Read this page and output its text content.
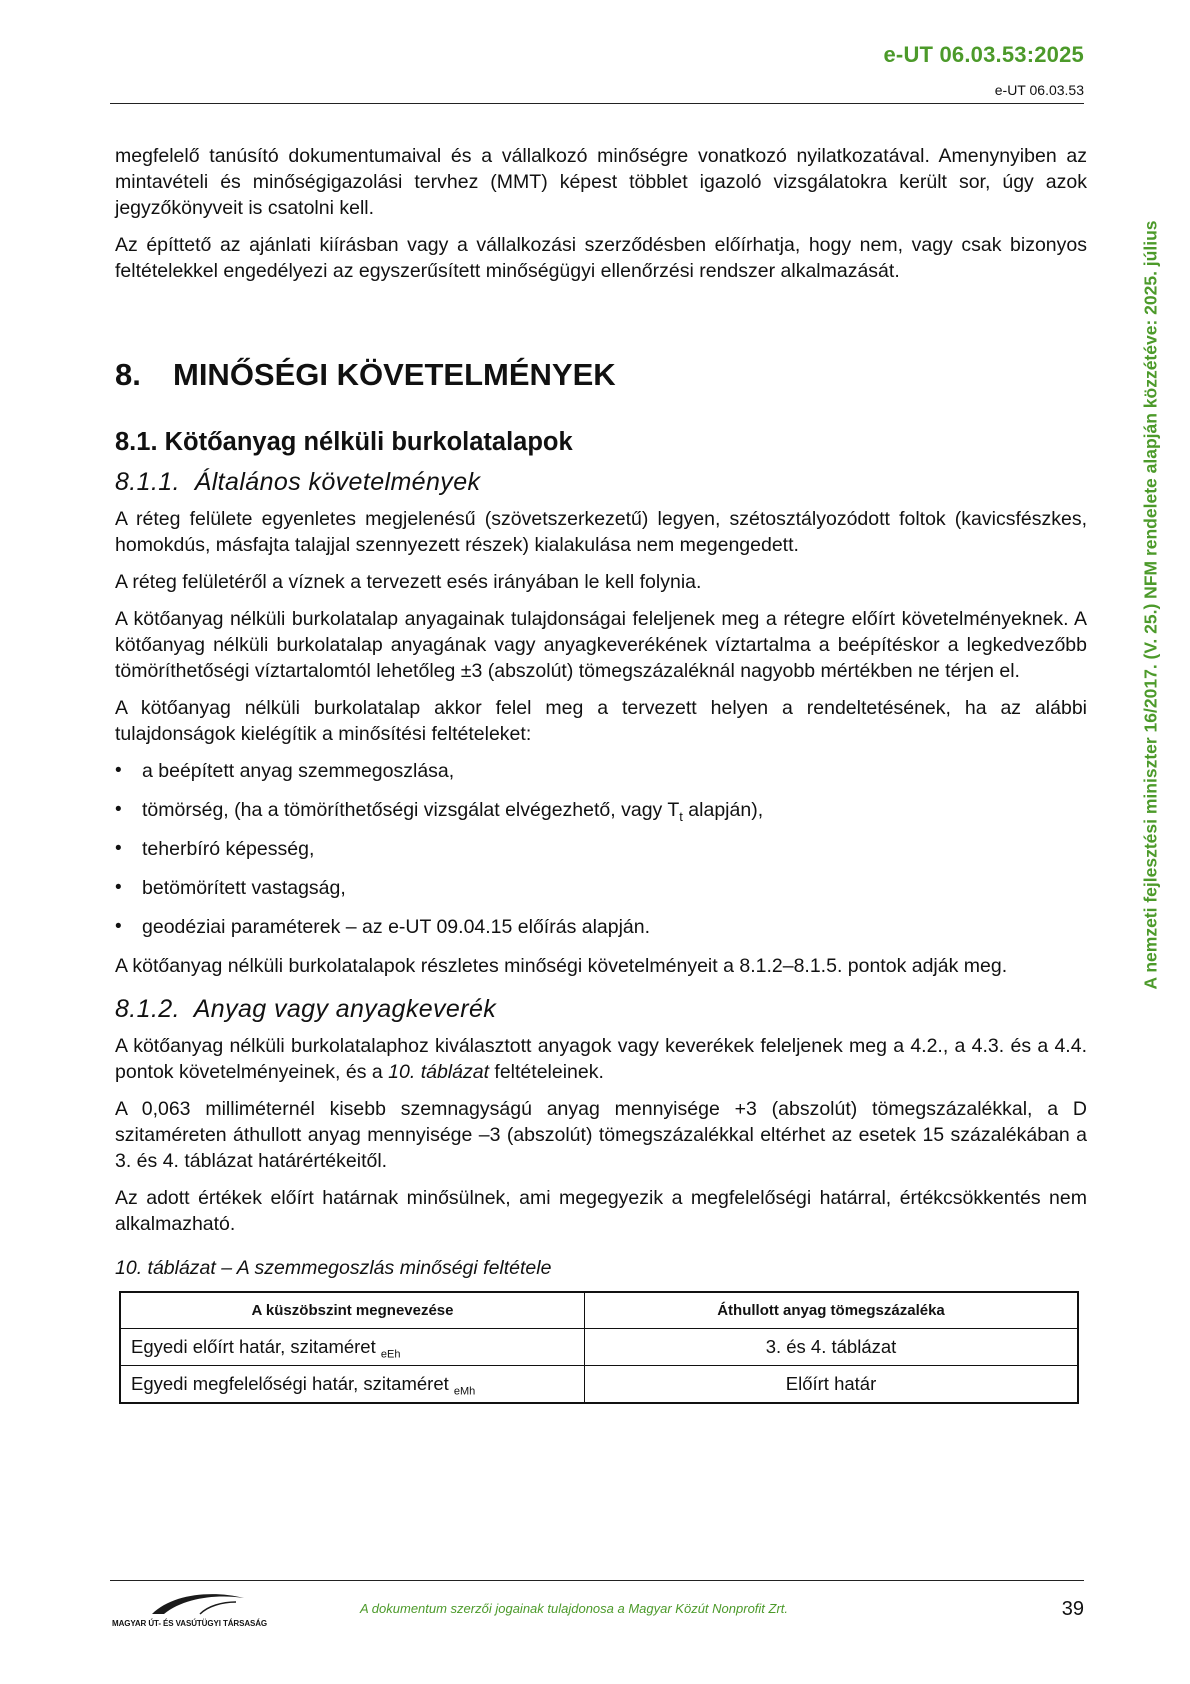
e-UT 06.03.53:2025
e-UT 06.03.53
A nemzeti fejlesztési miniszter 16/2017. (V. 25.) NFM rendelete alapján közzétéve: 2025. július

megfelelő tanúsító dokumentumaival és a vállalkozó minőségre vonatkozó nyilatkozatával. Amenynyiben az mintavételi és minőségigazolási tervhez (MMT) képest többlet igazoló vizsgálatokra került sor, úgy azok jegyzőkönyveit is csatolni kell.

Az építtető az ajánlati kiírásban vagy a vállalkozási szerződésben előírhatja, hogy nem, vagy csak bizonyos feltételekkel engedélyezi az egyszerűsített minőségügyi ellenőrzési rendszer alkalmazását.

8.	MINŐSÉGI KÖVETELMÉNYEK
8.1. Kötőanyag nélküli burkolatalapok
8.1.1. Általános követelmények

A réteg felülete egyenletes megjelenésű (szövetszerkezetű) legyen, szétosztályozódott foltok (kavicsfészkes, homokdús, másfajta talajjal szennyezett részek) kialakulása nem megengedett.

A réteg felületéről a víznek a tervezett esés irányában le kell folynia.

A kötőanyag nélküli burkolatalap anyagainak tulajdonságai feleljenek meg a rétegre előírt követelményeknek. A kötőanyag nélküli burkolatalap anyagának vagy anyagkeverékének víztartalma a beépítéskor a legkedvezőbb tömöríthetőségi víztartalomtól lehetőleg ±3 (abszolút) tömegszázaléknál nagyobb mértékben ne térjen el.

A kötőanyag nélküli burkolatalap akkor felel meg a tervezett helyen a rendeltetésének, ha az alábbi tulajdonságok kielégítik a minősítési feltételeket:

• a beépített anyag szemmegoszlása,
• tömörség, (ha a tömöríthetőségi vizsgálat elvégezhető, vagy $T_t$ alapján),
• teherbíró képesség,
• betömörített vastagság,
• geodéziai paraméterek – az e-UT 09.04.15 előírás alapján.

A kötőanyag nélküli burkolatalapok részletes minőségi követelményeit a 8.1.2–8.1.5. pontok adják meg.

8.1.2. Anyag vagy anyagkeverék

A kötőanyag nélküli burkolatalaphoz kiválasztott anyagok vagy keverékek feleljenek meg a 4.2., a 4.3. és a 4.4. pontok követelményeinek, és a 10. táblázat feltételeinek.

A 0,063 milliméternél kisebb szemnagyságú anyag mennyisége +3 (abszolút) tömegszázalékkal, a D szitaméreten áthullott anyag mennyisége –3 (abszolút) tömegszázalékkal eltérhet az esetek 15 százalékában a 3. és 4. táblázat határértékeitől.

Az adott értékek előírt határnak minősülnek, ami megegyezik a megfelelőségi határral, értékcsökkentés nem alkalmazható.

10. táblázat – A szemmegoszlás minőségi feltétele
A küszöbszint megnevezése	Áthullott anyag tömegszázaléka
Egyedi előírt határ, szitaméret $_{eEh}$	3. és 4. táblázat
Egyedi megfelelőségi határ, szitaméret $_{eMh}$	Előírt határ
MAGYAR ÚT- ÉS VASÚTÜGYI TÁRSASÁG
A dokumentum szerzői jogainak tulajdonosa a Magyar Közút Nonprofit Zrt.	39
